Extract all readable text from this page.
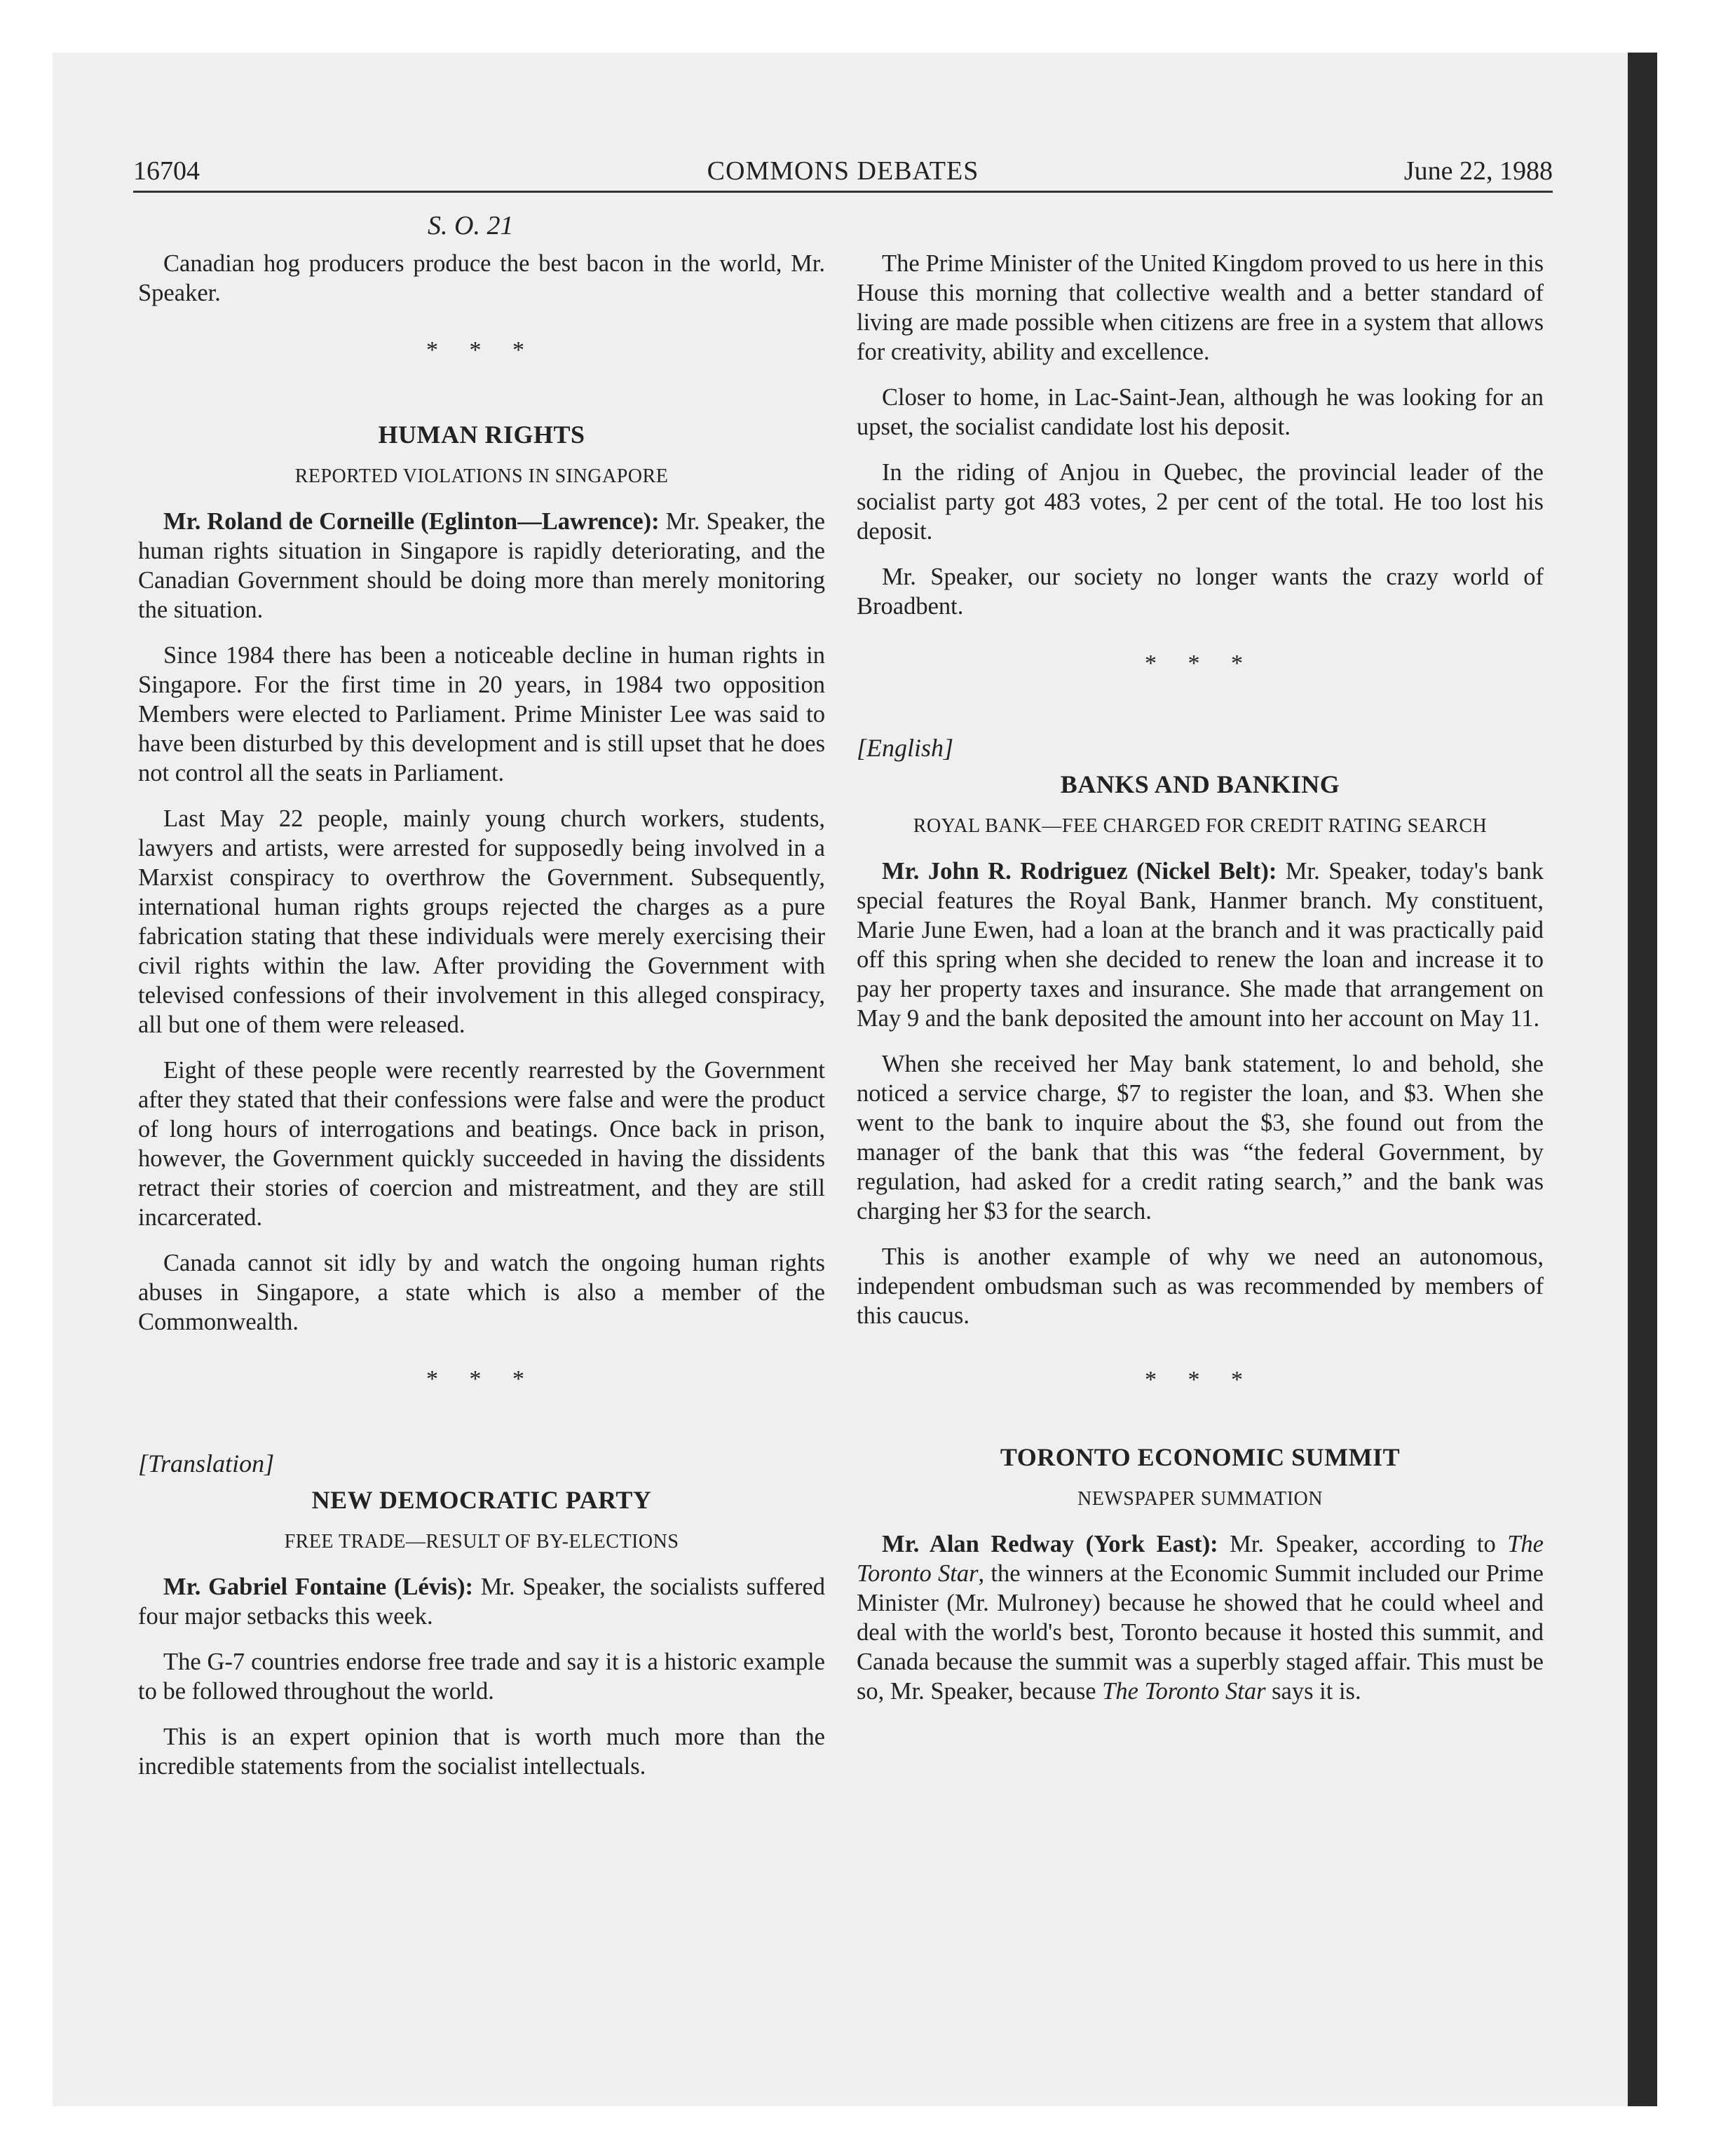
16704	COMMONS DEBATES	June 22, 1988
S. O. 21

Canadian hog producers produce the best bacon in the world, Mr. Speaker.

* * *
HUMAN RIGHTS
REPORTED VIOLATIONS IN SINGAPORE

Mr. Roland de Corneille (Eglinton—Lawrence): Mr. Speaker, the human rights situation in Singapore is rapidly deteriorating, and the Canadian Government should be doing more than merely monitoring the situation.

Since 1984 there has been a noticeable decline in human rights in Singapore. For the first time in 20 years, in 1984 two opposition Members were elected to Parliament. Prime Minister Lee was said to have been disturbed by this development and is still upset that he does not control all the seats in Parliament.

Last May 22 people, mainly young church workers, students, lawyers and artists, were arrested for supposedly being involved in a Marxist conspiracy to overthrow the Government. Subsequently, international human rights groups rejected the charges as a pure fabrication stating that these individuals were merely exercising their civil rights within the law. After providing the Government with televised confessions of their involvement in this alleged conspiracy, all but one of them were released.

Eight of these people were recently rearrested by the Government after they stated that their confessions were false and were the product of long hours of interrogations and beatings. Once back in prison, however, the Government quickly succeeded in having the dissidents retract their stories of coercion and mistreatment, and they are still incarcerated.

Canada cannot sit idly by and watch the ongoing human rights abuses in Singapore, a state which is also a member of the Commonwealth.

* * *
[Translation]
NEW DEMOCRATIC PARTY
FREE TRADE—RESULT OF BY-ELECTIONS

Mr. Gabriel Fontaine (Lévis): Mr. Speaker, the socialists suffered four major setbacks this week.

The G-7 countries endorse free trade and say it is a historic example to be followed throughout the world.

This is an expert opinion that is worth much more than the incredible statements from the socialist intellectuals.

The Prime Minister of the United Kingdom proved to us here in this House this morning that collective wealth and a better standard of living are made possible when citizens are free in a system that allows for creativity, ability and excellence.

Closer to home, in Lac-Saint-Jean, although he was looking for an upset, the socialist candidate lost his deposit.

In the riding of Anjou in Quebec, the provincial leader of the socialist party got 483 votes, 2 per cent of the total. He too lost his deposit.

Mr. Speaker, our society no longer wants the crazy world of Broadbent.

* * *
[English]
BANKS AND BANKING
ROYAL BANK—FEE CHARGED FOR CREDIT RATING SEARCH

Mr. John R. Rodriguez (Nickel Belt): Mr. Speaker, today's bank special features the Royal Bank, Hanmer branch. My constituent, Marie June Ewen, had a loan at the branch and it was practically paid off this spring when she decided to renew the loan and increase it to pay her property taxes and insurance. She made that arrangement on May 9 and the bank deposited the amount into her account on May 11.

When she received her May bank statement, lo and behold, she noticed a service charge, $7 to register the loan, and $3. When she went to the bank to inquire about the $3, she found out from the manager of the bank that this was “the federal Government, by regulation, had asked for a credit rating search,” and the bank was charging her $3 for the search.

This is another example of why we need an autonomous, independent ombudsman such as was recommended by members of this caucus.

* * *
TORONTO ECONOMIC SUMMIT
NEWSPAPER SUMMATION

Mr. Alan Redway (York East): Mr. Speaker, according to The Toronto Star, the winners at the Economic Summit included our Prime Minister (Mr. Mulroney) because he showed that he could wheel and deal with the world's best, Toronto because it hosted this summit, and Canada because the summit was a superbly staged affair. This must be so, Mr. Speaker, because The Toronto Star says it is.
